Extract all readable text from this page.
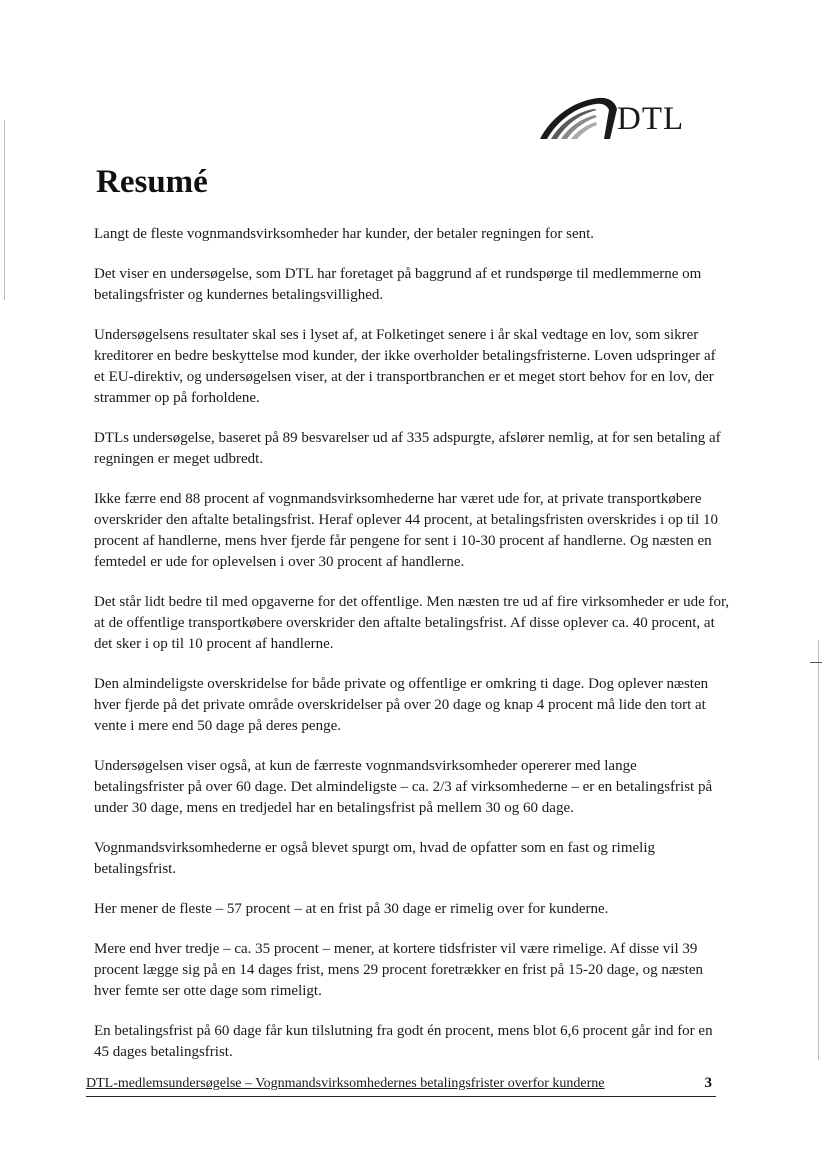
DTL
Resumé

Langt de fleste vognmandsvirksomheder har kunder, der betaler regningen for sent.

Det viser en undersøgelse, som DTL har foretaget på baggrund af et rundspørge til medlemmerne om betalingsfrister og kundernes betalingsvillighed.

Undersøgelsens resultater skal ses i lyset af, at Folketinget senere i år skal vedtage en lov, som sikrer kreditorer en bedre beskyttelse mod kunder, der ikke overholder betalingsfristerne. Loven udspringer af et EU-direktiv, og undersøgelsen viser, at der i transportbranchen er et meget stort behov for en lov, der strammer op på forholdene.

DTLs undersøgelse, baseret på 89 besvarelser ud af 335 adspurgte, afslører nemlig, at for sen betaling af regningen er meget udbredt.

Ikke færre end 88 procent af vognmandsvirksomhederne har været ude for, at private transportkøbere overskrider den aftalte betalingsfrist. Heraf oplever 44 procent, at betalingsfristen overskrides i op til 10 procent af handlerne, mens hver fjerde får pengene for sent i 10-30 procent af handlerne. Og næsten en femtedel er ude for oplevelsen i over 30 procent af handlerne.

Det står lidt bedre til med opgaverne for det offentlige. Men næsten tre ud af fire virksomheder er ude for, at de offentlige transportkøbere overskrider den aftalte betalingsfrist. Af disse oplever ca. 40 procent, at det sker i op til 10 procent af handlerne.

Den almindeligste overskridelse for både private og offentlige er omkring ti dage. Dog oplever næsten hver fjerde på det private område overskridelser på over 20 dage og knap 4 procent må lide den tort at vente i mere end 50 dage på deres penge.

Undersøgelsen viser også, at kun de færreste vognmandsvirksomheder opererer med lange betalingsfrister på over 60 dage. Det almindeligste – ca. 2/3 af virksomhederne – er en betalingsfrist på under 30 dage, mens en tredjedel har en betalingsfrist på mellem 30 og 60 dage.

Vognmandsvirksomhederne er også blevet spurgt om, hvad de opfatter som en fast og rimelig betalingsfrist.

Her mener de fleste – 57 procent – at en frist på 30 dage er rimelig over for kunderne.

Mere end hver tredje – ca. 35 procent – mener, at kortere tidsfrister vil være rimelige. Af disse vil 39 procent lægge sig på en 14 dages frist, mens 29 procent foretrækker en frist på 15-20 dage, og næsten hver femte ser otte dage som rimeligt.

En betalingsfrist på 60 dage får kun tilslutning fra godt én procent, mens blot 6,6 procent går ind for en 45 dages betalingsfrist.

DTL-medlemsundersøgelse – Vognmandsvirksomhedernes betalingsfrister overfor kunderne	3
